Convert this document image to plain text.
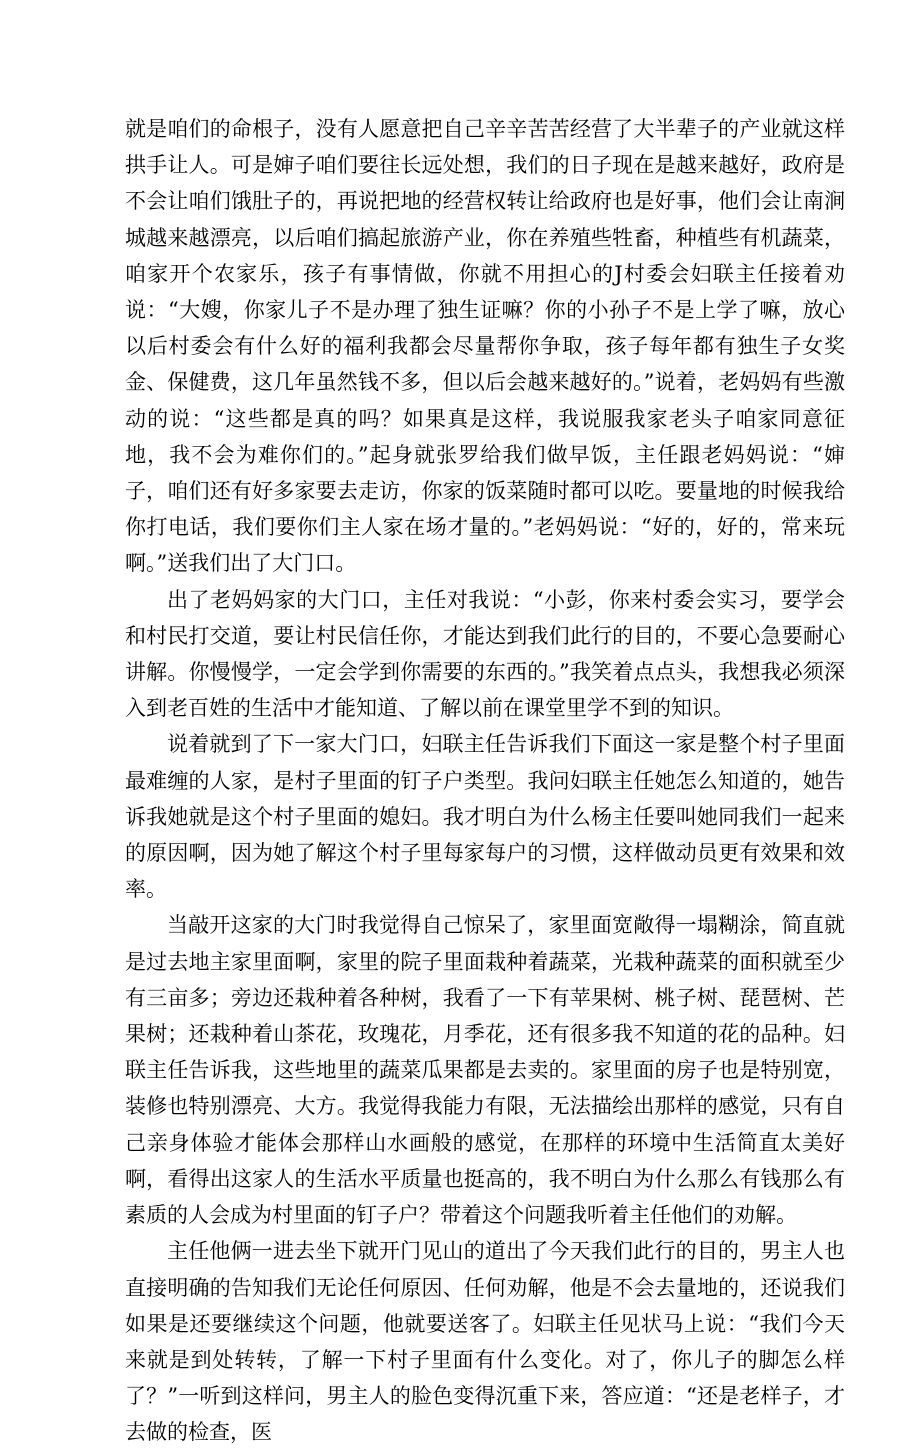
就是咱们的命根子，没有人愿意把自己辛辛苦苦经营了大半辈子的产业就这样拱手让人。可是婶子咱们要往长远处想，我们的日子现在是越来越好，政府是不会让咱们饿肚子的，再说把地的经营权转让给政府也是好事，他们会让南涧城越来越漂亮，以后咱们搞起旅游产业，你在养殖些牲畜，种植些有机蔬菜，咱家开个农家乐，孩子有事情做，你就不用担心的J村委会妇联主任接着劝说：“大嫂，你家儿子不是办理了独生证嘛？你的小孙子不是上学了嘛，放心以后村委会有什么好的福利我都会尽量帮你争取，孩子每年都有独生子女奖金、保健费，这几年虽然钱不多，但以后会越来越好的。”说着，老妈妈有些激动的说：“这些都是真的吗？如果真是这样，我说服我家老头子咱家同意征地，我不会为难你们的。”起身就张罗给我们做早饭，主任跟老妈妈说：“婶子，咱们还有好多家要去走访，你家的饭菜随时都可以吃。要量地的时候我给你打电话，我们要你们主人家在场才量的。”老妈妈说：“好的，好的，常来玩啊。”送我们出了大门口。

出了老妈妈家的大门口，主任对我说：“小彭，你来村委会实习，要学会和村民打交道，要让村民信任你，才能达到我们此行的目的，不要心急要耐心讲解。你慢慢学，一定会学到你需要的东西的。”我笑着点点头，我想我必须深入到老百姓的生活中才能知道、了解以前在课堂里学不到的知识。

说着就到了下一家大门口，妇联主任告诉我们下面这一家是整个村子里面最难缠的人家，是村子里面的钉子户类型。我问妇联主任她怎么知道的，她告诉我她就是这个村子里面的媳妇。我才明白为什么杨主任要叫她同我们一起来的原因啊，因为她了解这个村子里每家每户的习惯，这样做动员更有效果和效率。

当敲开这家的大门时我觉得自己惊呆了，家里面宽敞得一塌糊涂，简直就是过去地主家里面啊，家里的院子里面栽种着蔬菜，光栽种蔬菜的面积就至少有三亩多；旁边还栽种着各种树，我看了一下有苹果树、桃子树、琵琶树、芒果树；还栽种着山茶花，玫瑰花，月季花，还有很多我不知道的花的品种。妇联主任告诉我，这些地里的蔬菜瓜果都是去卖的。家里面的房子也是特别宽，装修也特别漂亮、大方。我觉得我能力有限，无法描绘出那样的感觉，只有自己亲身体验才能体会那样山水画般的感觉，在那样的环境中生活简直太美好啊，看得出这家人的生活水平质量也挺高的，我不明白为什么那么有钱那么有素质的人会成为村里面的钉子户？带着这个问题我听着主任他们的劝解。

主任他俩一进去坐下就开门见山的道出了今天我们此行的目的，男主人也直接明确的告知我们无论任何原因、任何劝解，他是不会去量地的，还说我们如果是还要继续这个问题，他就要送客了。妇联主任见状马上说：“我们今天来就是到处转转，了解一下村子里面有什么变化。对了，你儿子的脚怎么样了？”一听到这样问，男主人的脸色变得沉重下来，答应道：“还是老样子，才去做的检查，医
